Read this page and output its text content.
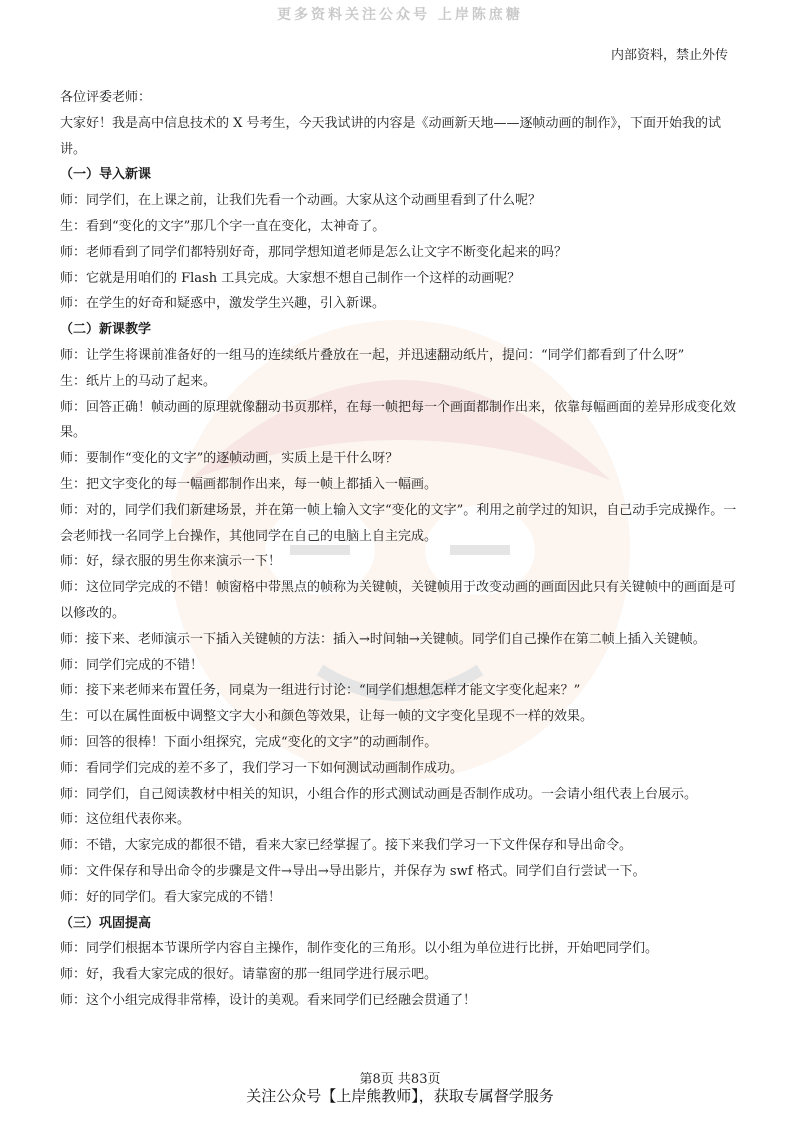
更多资料关注公众号 上岸陈庶糖
内部资料，禁止外传

各位评委老师：

大家好！我是高中信息技术的 X 号考生，今天我试讲的内容是《动画新天地——逐帧动画的制作》，下面开始我的试讲。

（一）导入新课

师：同学们，在上课之前，让我们先看一个动画。大家从这个动画里看到了什么呢？

生：看到“变化的文字”那几个字一直在变化，太神奇了。

师：老师看到了同学们都特别好奇，那同学想知道老师是怎么让文字不断变化起来的吗？

师：它就是用咱们的 Flash 工具完成。大家想不想自己制作一个这样的动画呢？

师：在学生的好奇和疑惑中，激发学生兴趣，引入新课。

（二）新课教学

师：让学生将课前准备好的一组马的连续纸片叠放在一起，并迅速翻动纸片，提问：“同学们都看到了什么呀”

生：纸片上的马动了起来。

师：回答正确！帧动画的原理就像翻动书页那样，在每一帧把每一个画面都制作出来，依靠每幅画面的差异形成变化效果。

师：要制作“变化的文字”的逐帧动画，实质上是干什么呀？

生：把文字变化的每一幅画都制作出来，每一帧上都插入一幅画。

师：对的，同学们我们新建场景，并在第一帧上输入文字“变化的文字”。利用之前学过的知识，自己动手完成操作。一会老师找一名同学上台操作，其他同学在自己的电脑上自主完成。

师：好，绿衣服的男生你来演示一下！

师：这位同学完成的不错！帧窗格中带黑点的帧称为关键帧，关键帧用于改变动画的画面因此只有关键帧中的画面是可以修改的。

师：接下来、老师演示一下插入关键帧的方法：插入→时间轴→关键帧。同学们自己操作在第二帧上插入关键帧。

师：同学们完成的不错！

师：接下来老师来布置任务，同桌为一组进行讨论：“同学们想想怎样才能文字变化起来？”

生：可以在属性面板中调整文字大小和颜色等效果，让每一帧的文字变化呈现不一样的效果。

师：回答的很棒！下面小组探究，完成“变化的文字”的动画制作。

师：看同学们完成的差不多了，我们学习一下如何测试动画制作成功。

师：同学们，自己阅读教材中相关的知识，小组合作的形式测试动画是否制作成功。一会请小组代表上台展示。

师：这位组代表你来。

师：不错，大家完成的都很不错，看来大家已经掌握了。接下来我们学习一下文件保存和导出命令。

师：文件保存和导出命令的步骤是文件→导出→导出影片，并保存为 swf 格式。同学们自行尝试一下。

师：好的同学们。看大家完成的不错！

（三）巩固提高

师：同学们根据本节课所学内容自主操作，制作变化的三角形。以小组为单位进行比拼，开始吧同学们。

师：好，我看大家完成的很好。请靠窗的那一组同学进行展示吧。

师：这个小组完成得非常棒，设计的美观。看来同学们已经融会贯通了！

第8页 共83页
关注公众号【上岸熊教师】，获取专属督学服务
